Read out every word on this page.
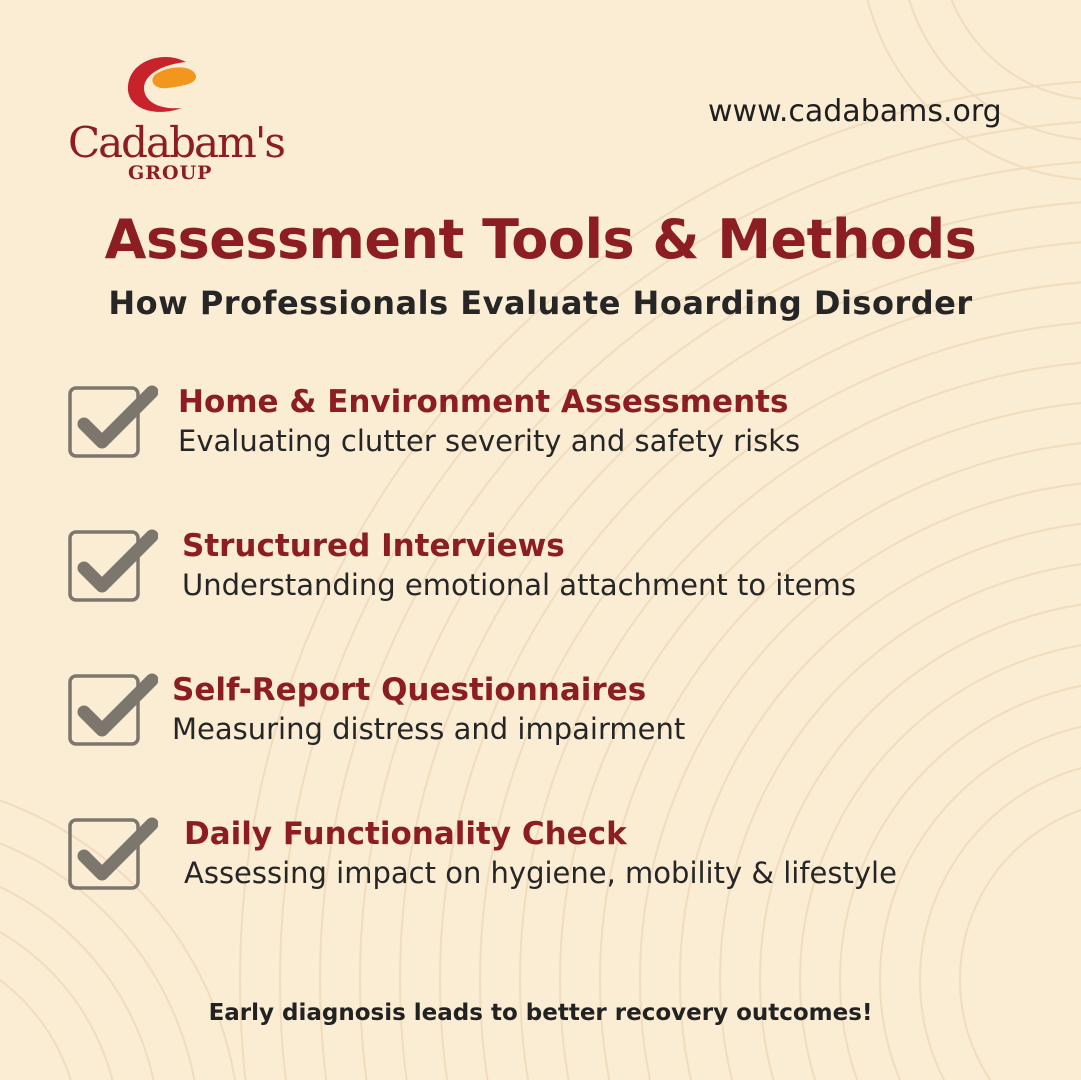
Cadabam's
GROUP
www.cadabams.org
Assessment Tools & Methods
How Professionals Evaluate Hoarding Disorder
Home & Environment Assessments
Evaluating clutter severity and safety risks
Structured Interviews
Understanding emotional attachment to items
Self-Report Questionnaires
Measuring distress and impairment
Daily Functionality Check
Assessing impact on hygiene, mobility & lifestyle
Early diagnosis leads to better recovery outcomes!
